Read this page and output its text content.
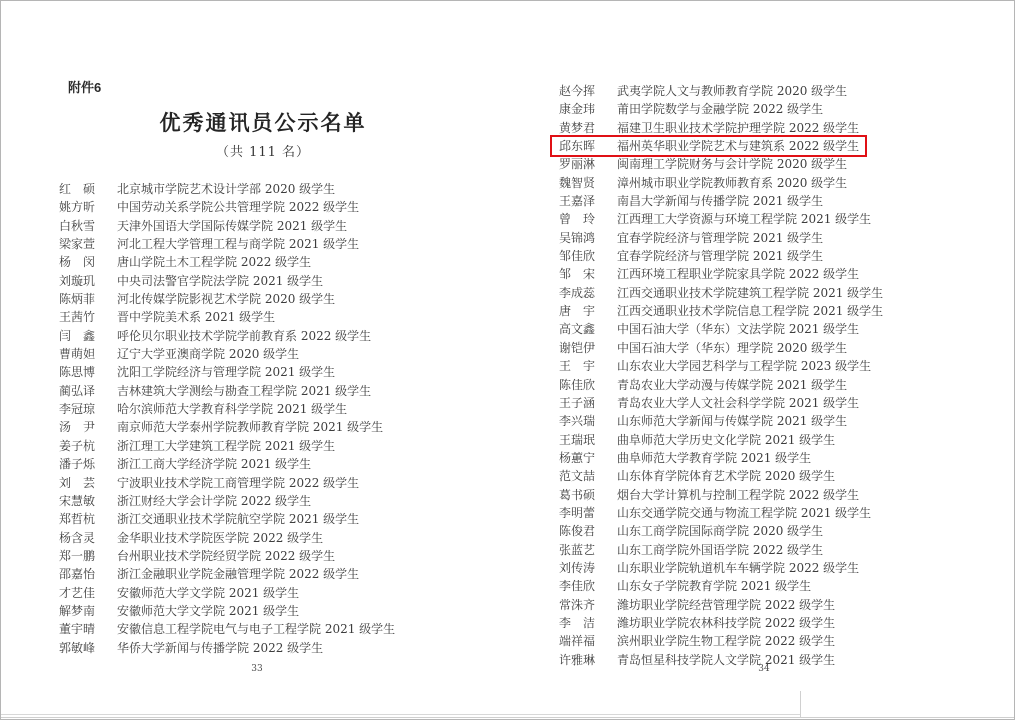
附件6
优秀通讯员公示名单
（共 111 名）
红　硕 北京城市学院艺术设计学部 2020 级学生
姚方昕 中国劳动关系学院公共管理学院 2022 级学生
白秋雪 天津外国语大学国际传媒学院 2021 级学生
梁家萱 河北工程大学管理工程与商学院 2021 级学生
杨　闵 唐山学院土木工程学院 2022 级学生
刘璇玑 中央司法警官学院法学院 2021 级学生
陈炳菲 河北传媒学院影视艺术学院 2020 级学生
王茜竹 晋中学院美术系 2021 级学生
闫　鑫 呼伦贝尔职业技术学院学前教育系 2022 级学生
曹萌妲 辽宁大学亚澳商学院 2020 级学生
陈思博 沈阳工学院经济与管理学院 2021 级学生
蔺弘译 吉林建筑大学测绘与勘查工程学院 2021 级学生
李冠琼 哈尔滨师范大学教育科学学院 2021 级学生
汤　尹 南京师范大学泰州学院教师教育学院 2021 级学生
姜子杭 浙江理工大学建筑工程学院 2021 级学生
潘子烁 浙江工商大学经济学院 2021 级学生
刘　芸 宁波职业技术学院工商管理学院 2022 级学生
宋慧敏 浙江财经大学会计学院 2022 级学生
郑哲杭 浙江交通职业技术学院航空学院 2021 级学生
杨含灵 金华职业技术学院医学院 2022 级学生
郑一鹏 台州职业技术学院经贸学院 2022 级学生
邵嘉怡 浙江金融职业学院金融管理学院 2022 级学生
才艺佳 安徽师范大学文学院 2021 级学生
解梦南 安徽师范大学文学院 2021 级学生
董宇晴 安徽信息工程学院电气与电子工程学院 2021 级学生
郭敏峰 华侨大学新闻与传播学院 2022 级学生
赵今挥 武夷学院人文与教师教育学院 2020 级学生
康金玮 莆田学院数学与金融学院 2022 级学生
黄梦君 福建卫生职业技术学院护理学院 2022 级学生
邱东晖 福州英华职业学院艺术与建筑系 2022 级学生
罗丽淋 闽南理工学院财务与会计学院 2020 级学生
魏智贤 漳州城市职业学院教师教育系 2020 级学生
王嘉泽 南昌大学新闻与传播学院 2021 级学生
曾　玲 江西理工大学资源与环境工程学院 2021 级学生
吴锦鸿 宜春学院经济与管理学院 2021 级学生
邹佳欣 宜春学院经济与管理学院 2021 级学生
邹　宋 江西环境工程职业学院家具学院 2022 级学生
李成蕊 江西交通职业技术学院建筑工程学院 2021 级学生
唐　宇 江西交通职业技术学院信息工程学院 2021 级学生
高文鑫 中国石油大学（华东）文法学院 2021 级学生
谢铠伊 中国石油大学（华东）理学院 2020 级学生
王　宇 山东农业大学园艺科学与工程学院 2023 级学生
陈佳欣 青岛农业大学动漫与传媒学院 2021 级学生
王子涵 青岛农业大学人文社会科学学院 2021 级学生
李兴瑞 山东师范大学新闻与传媒学院 2021 级学生
王瑞珉 曲阜师范大学历史文化学院 2021 级学生
杨蕙宁 曲阜师范大学教育学院 2021 级学生
范文喆 山东体育学院体育艺术学院 2020 级学生
葛书硕 烟台大学计算机与控制工程学院 2022 级学生
李明蕾 山东交通学院交通与物流工程学院 2021 级学生
陈俊君 山东工商学院国际商学院 2020 级学生
张蓝艺 山东工商学院外国语学院 2022 级学生
刘传涛 山东职业学院轨道机车车辆学院 2022 级学生
李佳欣 山东女子学院教育学院 2021 级学生
常洙齐 潍坊职业学院经营管理学院 2022 级学生
李　洁 潍坊职业学院农林科技学院 2022 级学生
端祥福 滨州职业学院生物工程学院 2022 级学生
许雅琳 青岛恒星科技学院人文学院 2021 级学生
33	34
